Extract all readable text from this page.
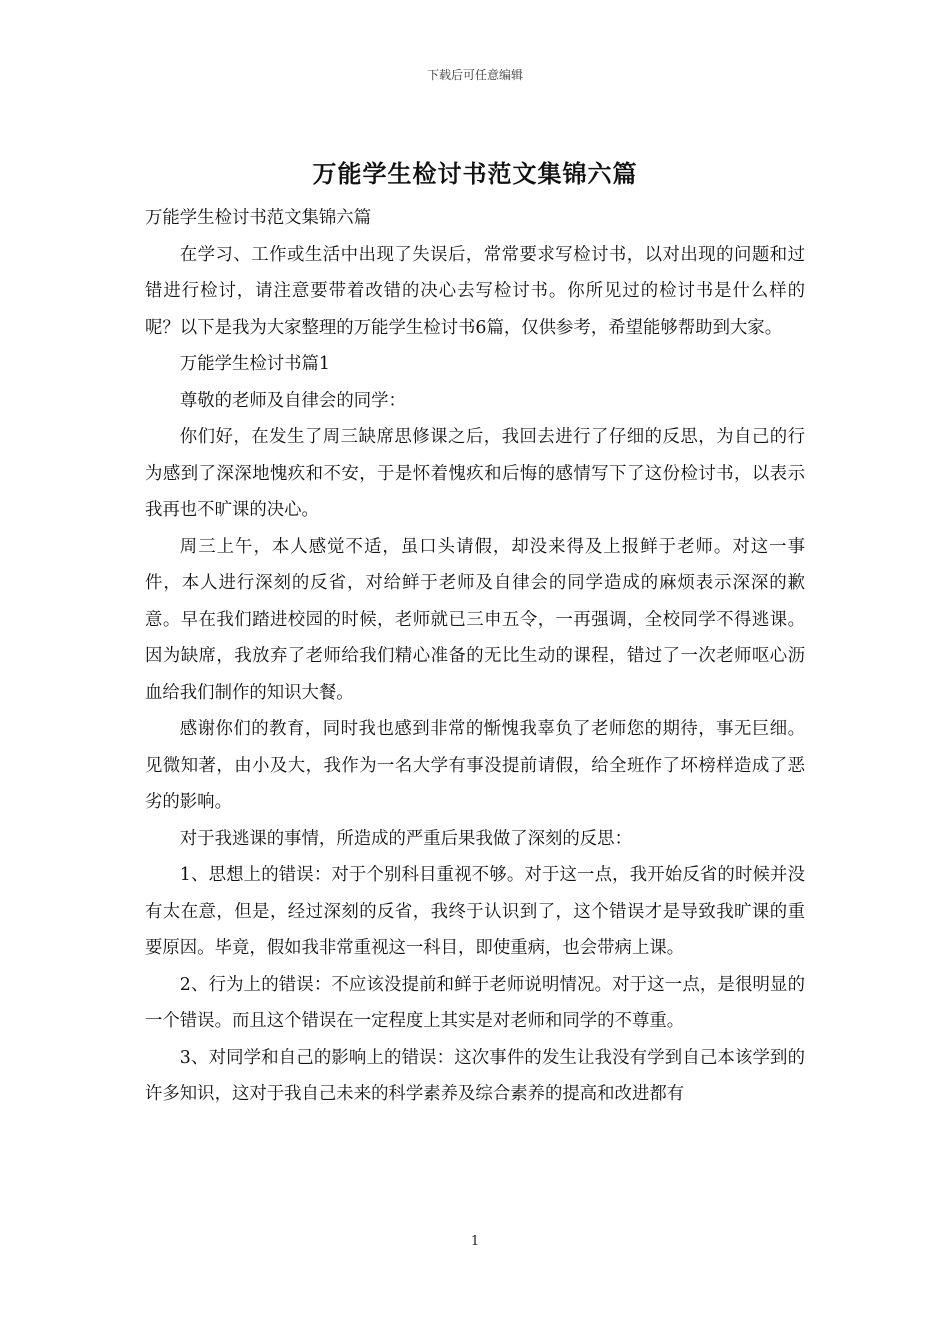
下载后可任意编辑
万能学生检讨书范文集锦六篇

万能学生检讨书范文集锦六篇

在学习、工作或生活中出现了失误后，常常要求写检讨书，以对出现的问题和过错进行检讨，请注意要带着改错的决心去写检讨书。你所见过的检讨书是什么样的呢？以下是我为大家整理的万能学生检讨书6篇，仅供参考，希望能够帮助到大家。

万能学生检讨书篇1

尊敬的老师及自律会的同学：

你们好，在发生了周三缺席思修课之后，我回去进行了仔细的反思，为自己的行为感到了深深地愧疚和不安，于是怀着愧疚和后悔的感情写下了这份检讨书，以表示我再也不旷课的决心。

周三上午，本人感觉不适，虽口头请假，却没来得及上报鲜于老师。对这一事件，本人进行深刻的反省，对给鲜于老师及自律会的同学造成的麻烦表示深深的歉意。早在我们踏进校园的时候，老师就已三申五令，一再强调，全校同学不得逃课。因为缺席，我放弃了老师给我们精心准备的无比生动的课程，错过了一次老师呕心沥血给我们制作的知识大餐。

感谢你们的教育，同时我也感到非常的惭愧我辜负了老师您的期待，事无巨细。见微知著，由小及大，我作为一名大学有事没提前请假，给全班作了坏榜样造成了恶劣的影响。

对于我逃课的事情，所造成的严重后果我做了深刻的反思：

1、思想上的错误：对于个别科目重视不够。对于这一点，我开始反省的时候并没有太在意，但是，经过深刻的反省，我终于认识到了，这个错误才是导致我旷课的重要原因。毕竟，假如我非常重视这一科目，即使重病，也会带病上课。

2、行为上的错误：不应该没提前和鲜于老师说明情况。对于这一点，是很明显的一个错误。而且这个错误在一定程度上其实是对老师和同学的不尊重。

3、对同学和自己的影响上的错误：这次事件的发生让我没有学到自己本该学到的许多知识，这对于我自己未来的科学素养及综合素养的提高和改进都有

1
